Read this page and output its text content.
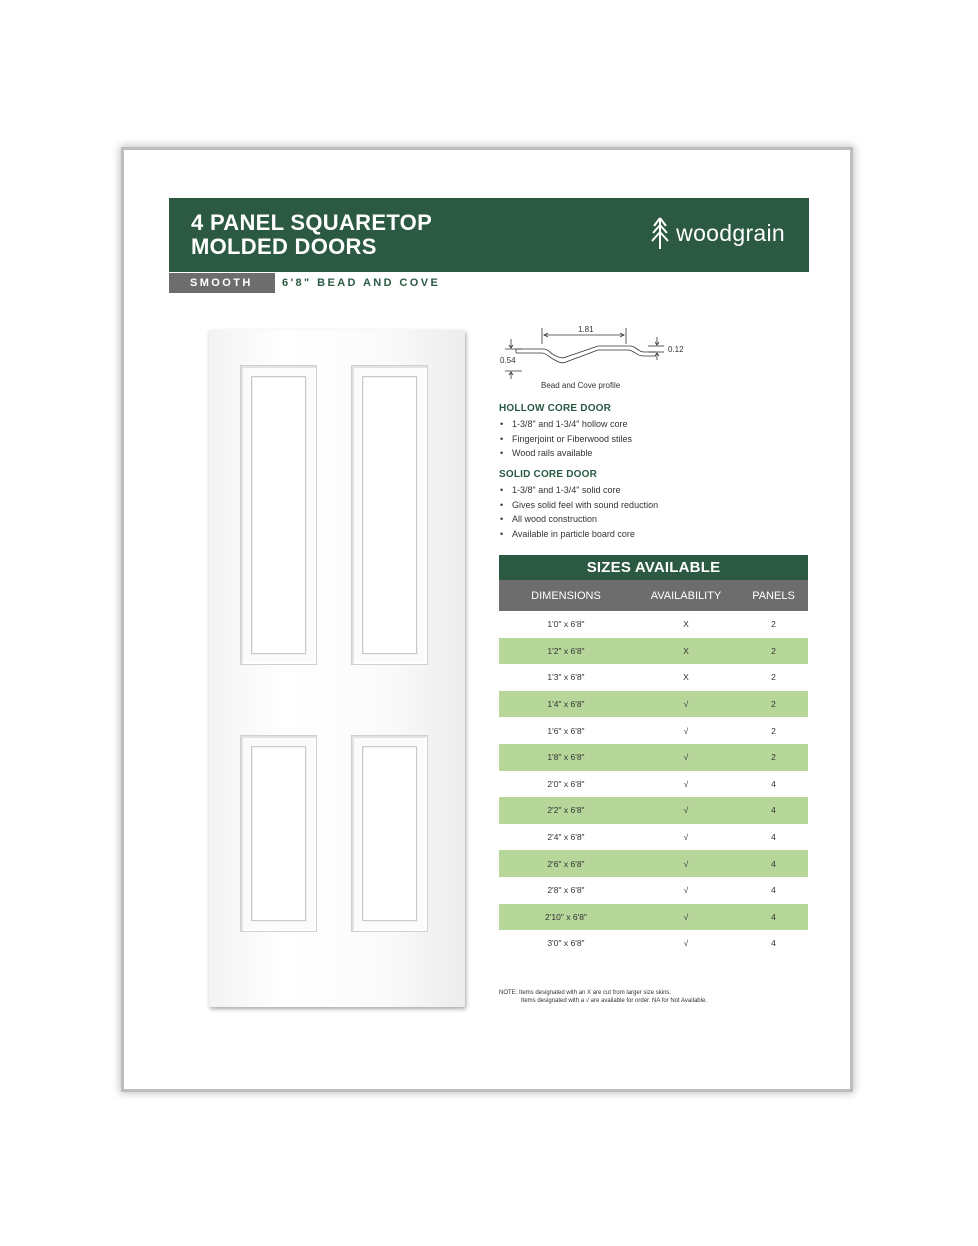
4 PANEL SQUARETOP
MOLDED DOORS
woodgrain
SMOOTH	6'8" BEAD AND COVE
1.81
0.54
0.12
Bead and Cove profile
HOLLOW CORE DOOR
• 1-3/8" and 1-3/4" hollow core
• Fingerjoint or Fiberwood stiles
• Wood rails available
SOLID CORE DOOR
• 1-3/8" and 1-3/4" solid core
• Gives solid feel with sound reduction
• All wood construction
• Available in particle board core
SIZES AVAILABLE
DIMENSIONS	AVAILABILITY	PANELS
1'0" x 6'8"	X	2
1'2" x 6'8"	X	2
1'3" x 6'8"	X	2
1'4" x 6'8"	√	2
1'6" x 6'8"	√	2
1'8" x 6'8"	√	2
2'0" x 6'8"	√	4
2'2" x 6'8"	√	4
2'4" x 6'8"	√	4
2'6" x 6'8"	√	4
2'8" x 6'8"	√	4
2'10" x 6'8"	√	4
3'0" x 6'8"	√	4
NOTE: Items designated with an X are cut from larger size skins.
Items designated with a √ are available for order. NA for Not Available.
